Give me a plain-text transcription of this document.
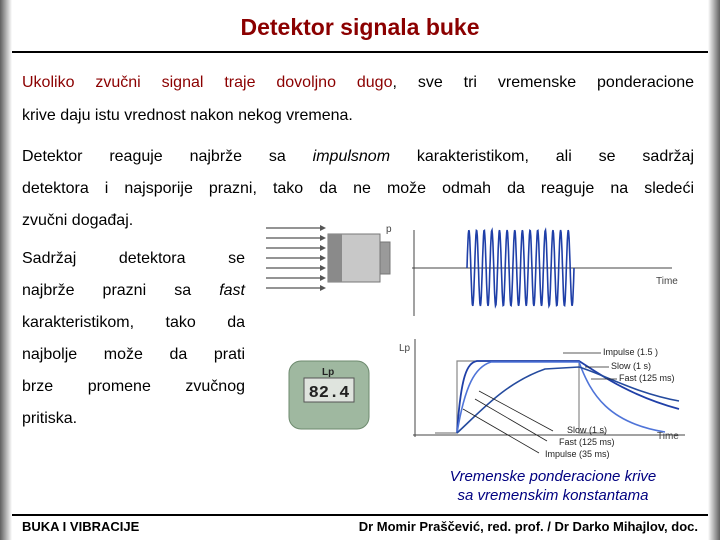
Detektor signala buke
Ukoliko zvučni signal traje dovoljno dugo, sve tri vremenske ponderacione
krive daju istu vrednost nakon nekog vremena.
Detektor reaguje najbrže sa impulsnom karakteristikom, ali se sadržaj
detektora i najsporije prazni, tako da ne može odmah da reaguje na sledeći
zvučni događaj.
Sadržaj detektora se
najbrže prazni sa fast
karakteristikom, tako da
najbolje može da prati
brze promene zvučnog
pritiska.
p
Time
Lp
82.4
Lp
Time
Impulse (1.5 )
Slow (1 s)
Fast (125 ms)
Slow (1 s)
Fast (125 ms)
Impulse (35 ms)
Vremenske ponderacione krive
sa vremenskim konstantama
BUKA I VIBRACIJE	Dr Momir Praščević, red. prof. / Dr Darko Mihajlov, doc.
